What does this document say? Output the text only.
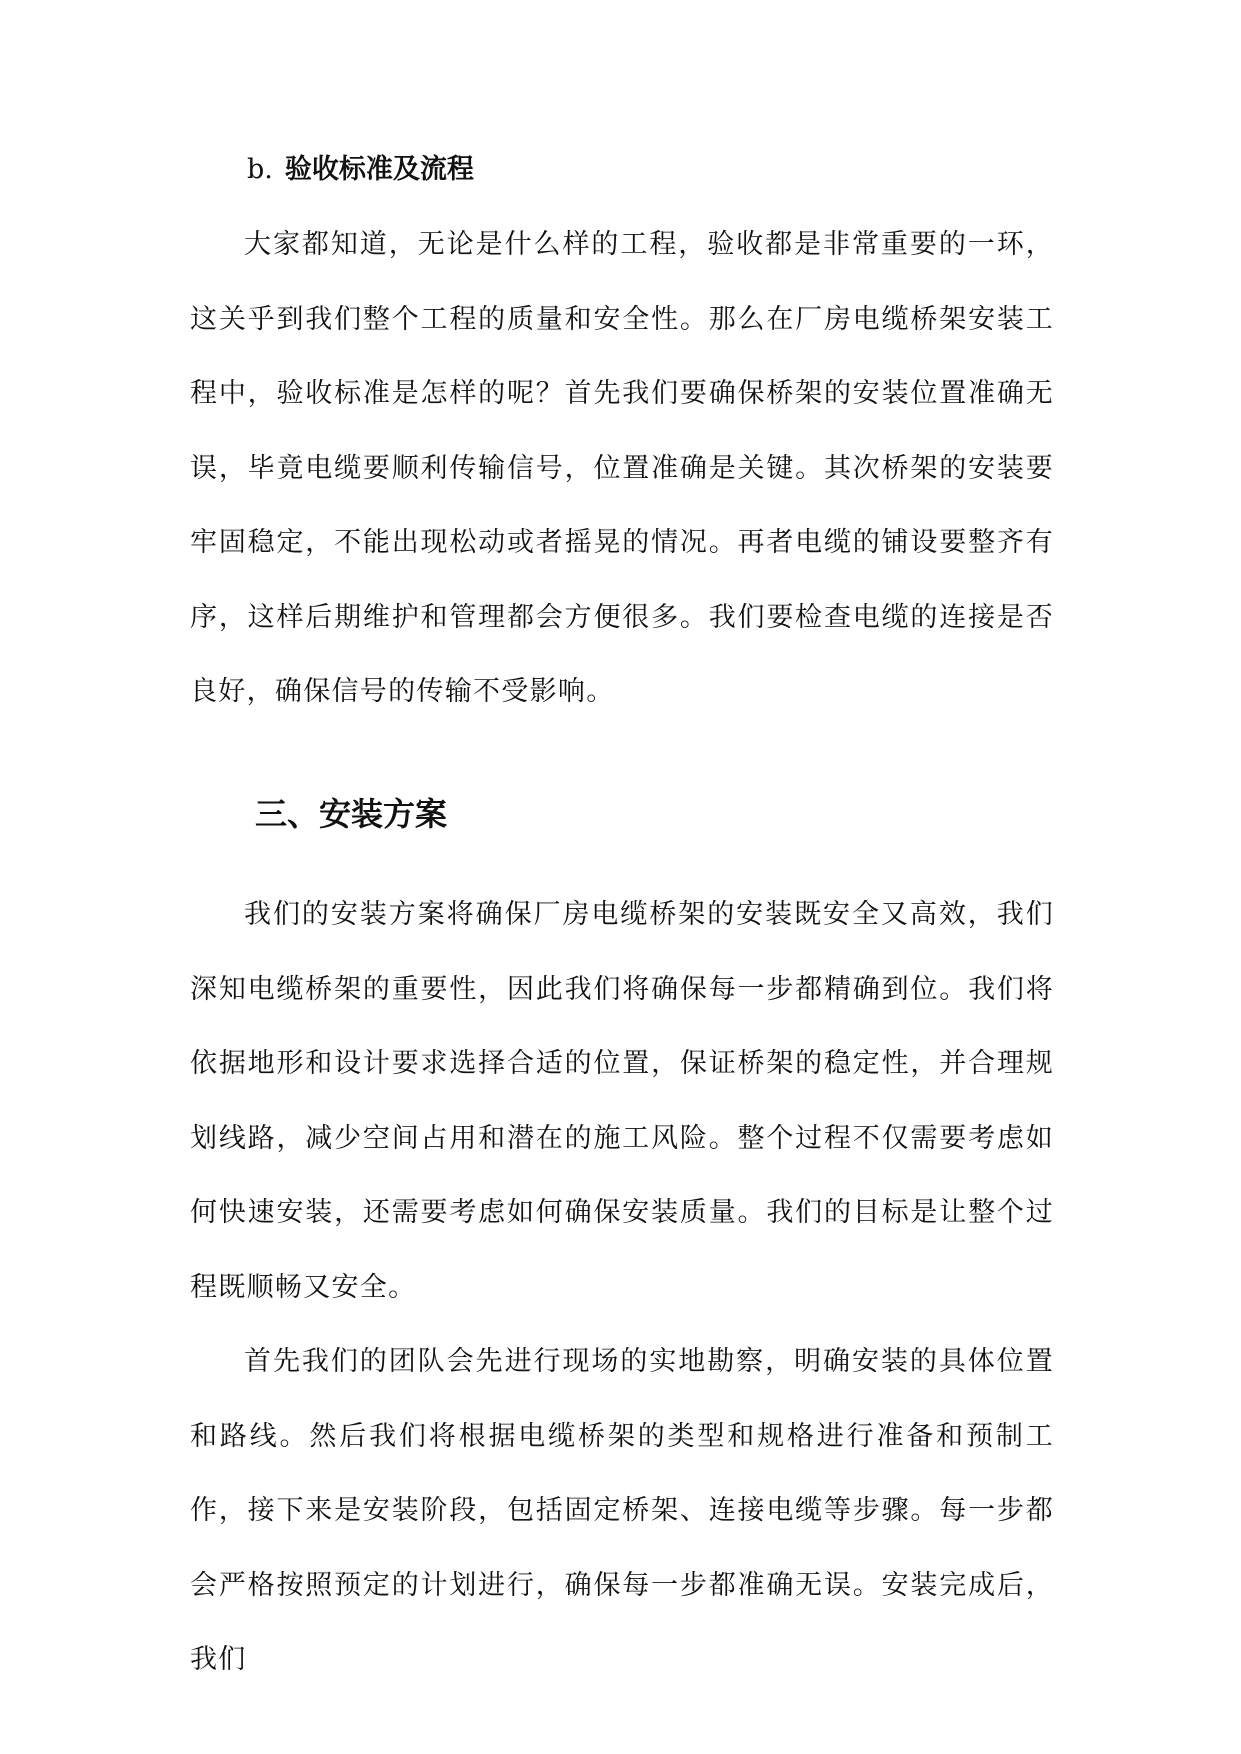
b. 验收标准及流程

大家都知道，无论是什么样的工程，验收都是非常重要的一环，这关乎到我们整个工程的质量和安全性。那么在厂房电缆桥架安装工程中，验收标准是怎样的呢？首先我们要确保桥架的安装位置准确无误，毕竟电缆要顺利传输信号，位置准确是关键。其次桥架的安装要牢固稳定，不能出现松动或者摇晃的情况。再者电缆的铺设要整齐有序，这样后期维护和管理都会方便很多。我们要检查电缆的连接是否良好，确保信号的传输不受影响。

三、安装方案

我们的安装方案将确保厂房电缆桥架的安装既安全又高效，我们深知电缆桥架的重要性，因此我们将确保每一步都精确到位。我们将依据地形和设计要求选择合适的位置，保证桥架的稳定性，并合理规划线路，减少空间占用和潜在的施工风险。整个过程不仅需要考虑如何快速安装，还需要考虑如何确保安装质量。我们的目标是让整个过程既顺畅又安全。

首先我们的团队会先进行现场的实地勘察，明确安装的具体位置和路线。然后我们将根据电缆桥架的类型和规格进行准备和预制工作，接下来是安装阶段，包括固定桥架、连接电缆等步骤。每一步都会严格按照预定的计划进行，确保每一步都准确无误。安装完成后，我们
